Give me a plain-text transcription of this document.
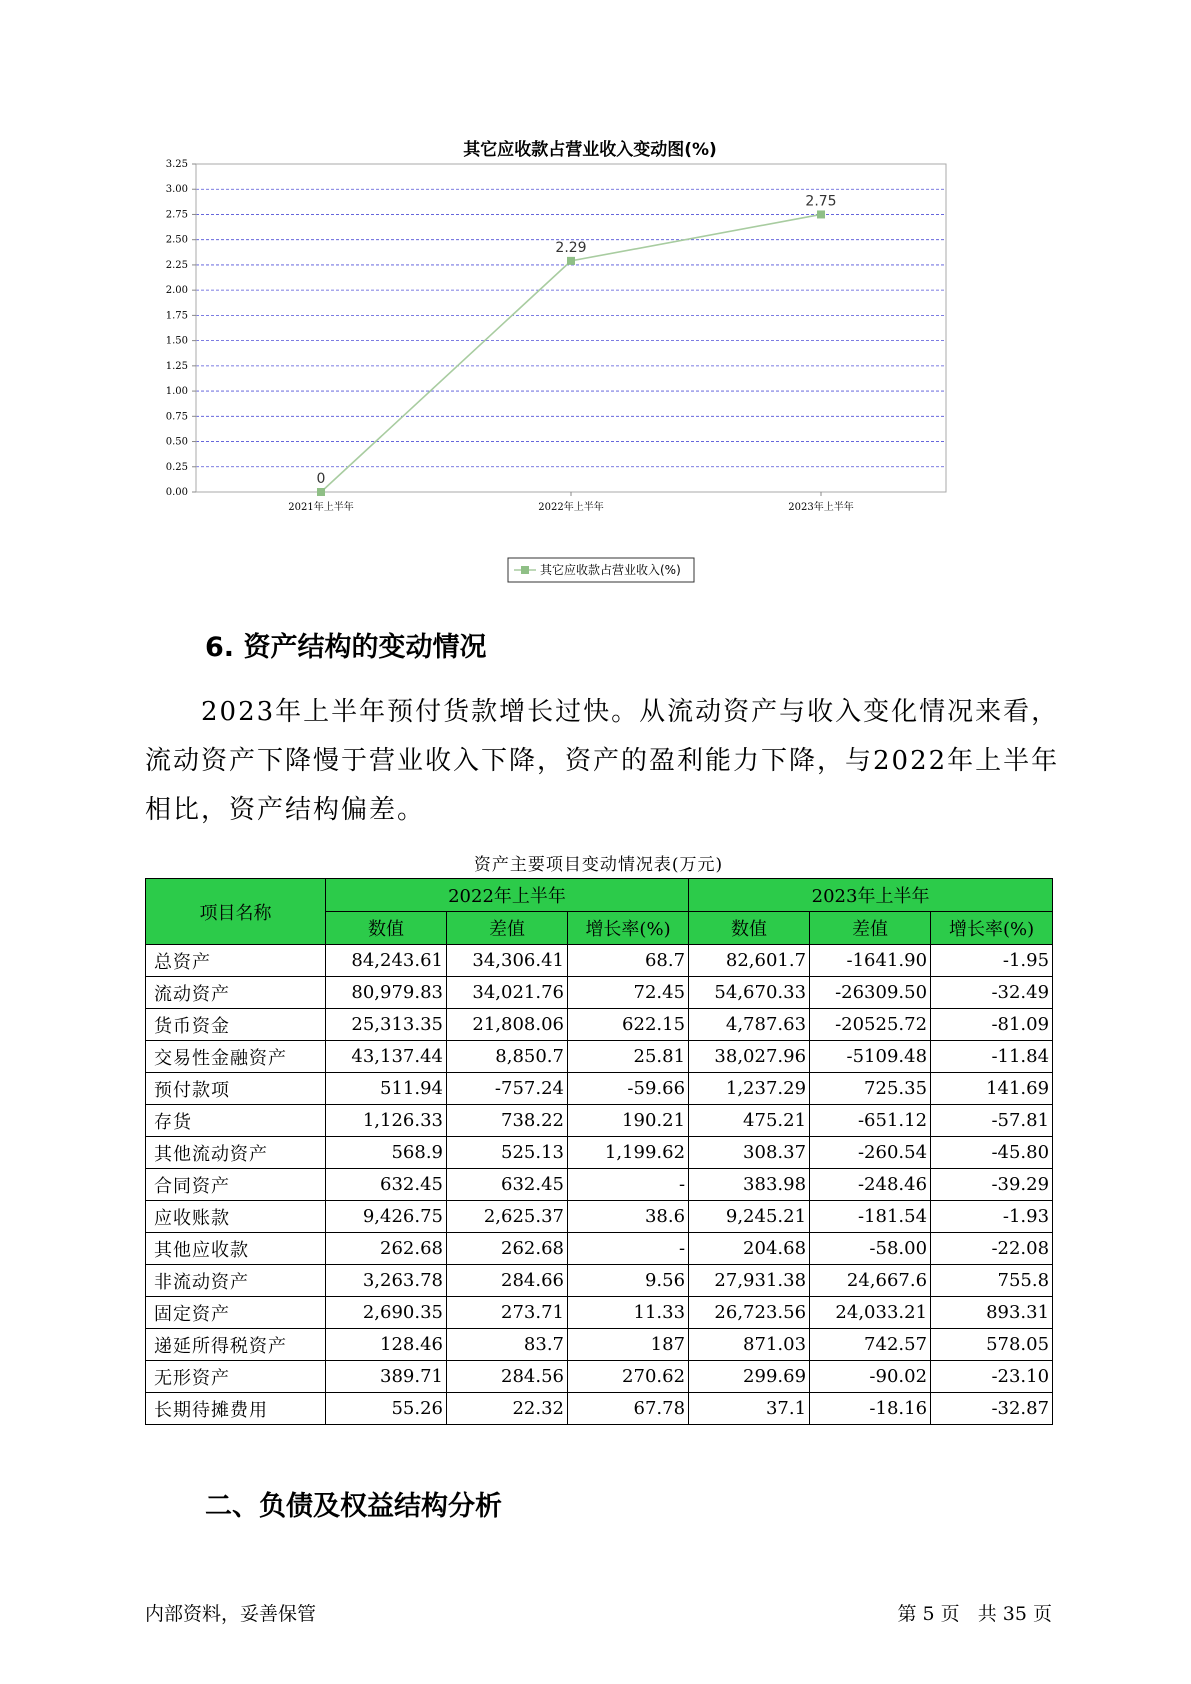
其它应收款占营业收入变动图(%)
0.00
0.25
0.50
0.75
1.00
1.25
1.50
1.75
2.00
2.25
2.50
2.75
3.00
3.25
2021年上半年	2022年上半年	2023年上半年
0
2.29
2.75
其它应收款占营业收入(%)
6. 资产结构的变动情况

2023年上半年预付货款增长过快。从流动资产与收入变化情况来看，流动资产下降慢于营业收入下降，资产的盈利能力下降，与2022年上半年相比，资产结构偏差。

资产主要项目变动情况表(万元)

项目名称	2022年上半年			2023年上半年		
	数值	差值	增长率(%)	数值	差值	增长率(%)
总资产	84,243.61	34,306.41	68.7	82,601.7	-1641.90	-1.95
流动资产	80,979.83	34,021.76	72.45	54,670.33	-26309.50	-32.49
货币资金	25,313.35	21,808.06	622.15	4,787.63	-20525.72	-81.09
交易性金融资产	43,137.44	8,850.7	25.81	38,027.96	-5109.48	-11.84
预付款项	511.94	-757.24	-59.66	1,237.29	725.35	141.69
存货	1,126.33	738.22	190.21	475.21	-651.12	-57.81
其他流动资产	568.9	525.13	1,199.62	308.37	-260.54	-45.80
合同资产	632.45	632.45	-	383.98	-248.46	-39.29
应收账款	9,426.75	2,625.37	38.6	9,245.21	-181.54	-1.93
其他应收款	262.68	262.68	-	204.68	-58.00	-22.08
非流动资产	3,263.78	284.66	9.56	27,931.38	24,667.6	755.8
固定资产	2,690.35	273.71	11.33	26,723.56	24,033.21	893.31
递延所得税资产	128.46	83.7	187	871.03	742.57	578.05
无形资产	389.71	284.56	270.62	299.69	-90.02	-23.10
长期待摊费用	55.26	22.32	67.78	37.1	-18.16	-32.87
二、负债及权益结构分析

内部资料，妥善保管	第 5 页   共 35 页
